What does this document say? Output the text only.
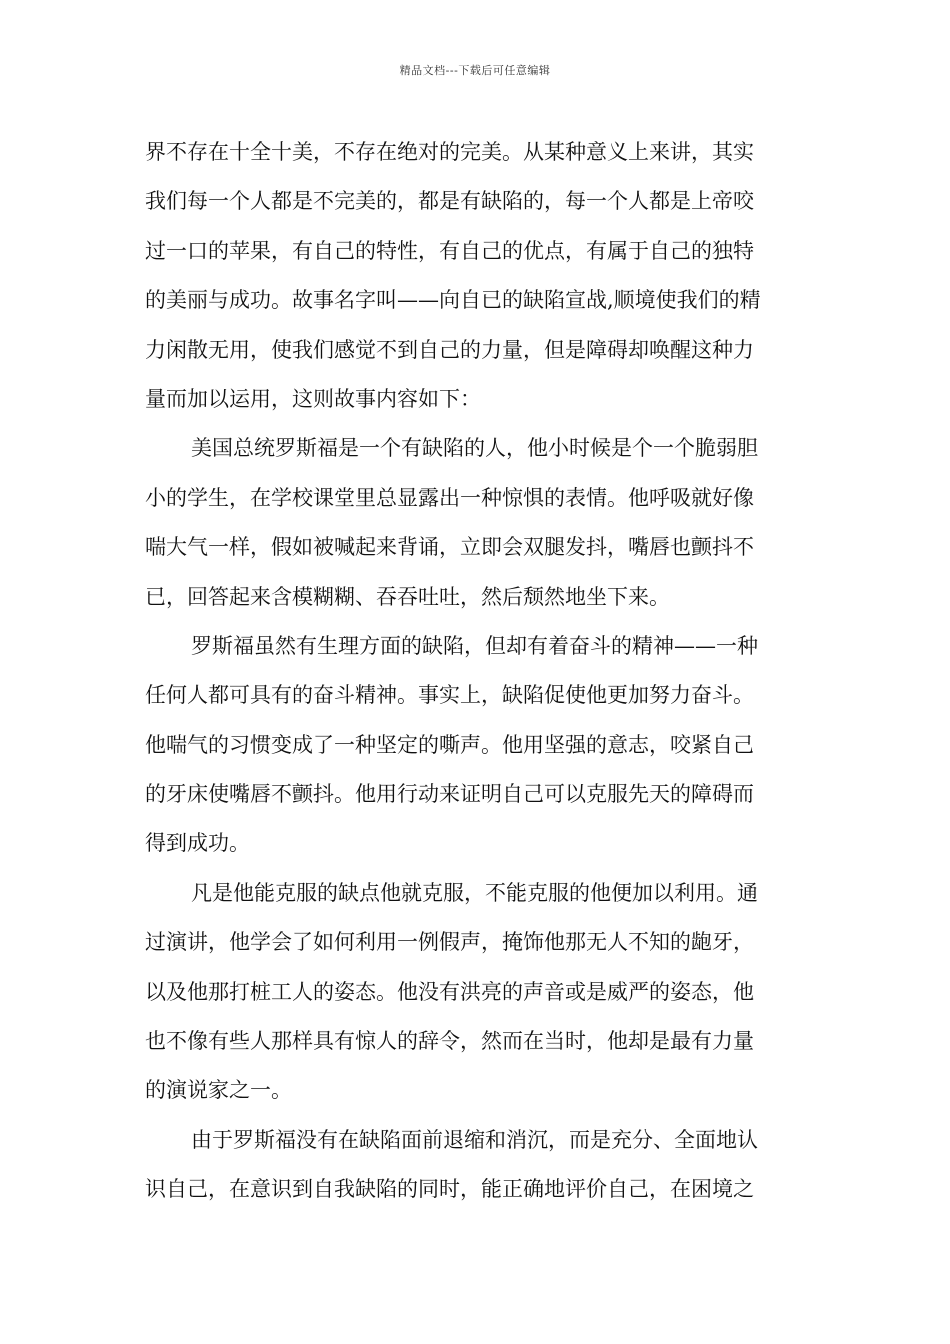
精品文档---下载后可任意编辑
界不存在十全十美，不存在绝对的完美。从某种意义上来讲，其实
我们每一个人都是不完美的，都是有缺陷的，每一个人都是上帝咬
过一口的苹果，有自己的特性，有自己的优点，有属于自己的独特
的美丽与成功。故事名字叫——向自已的缺陷宣战,顺境使我们的精
力闲散无用，使我们感觉不到自己的力量，但是障碍却唤醒这种力
量而加以运用，这则故事内容如下：
美国总统罗斯福是一个有缺陷的人，他小时候是个一个脆弱胆
小的学生，在学校课堂里总显露出一种惊惧的表情。他呼吸就好像
喘大气一样，假如被喊起来背诵，立即会双腿发抖，嘴唇也颤抖不
已，回答起来含模糊糊、吞吞吐吐，然后颓然地坐下来。
罗斯福虽然有生理方面的缺陷，但却有着奋斗的精神——一种
任何人都可具有的奋斗精神。事实上，缺陷促使他更加努力奋斗。
他喘气的习惯变成了一种坚定的嘶声。他用坚强的意志，咬紧自己
的牙床使嘴唇不颤抖。他用行动来证明自己可以克服先天的障碍而
得到成功。
凡是他能克服的缺点他就克服，不能克服的他便加以利用。通
过演讲，他学会了如何利用一例假声，掩饰他那无人不知的龅牙，
以及他那打桩工人的姿态。他没有洪亮的声音或是威严的姿态，他
也不像有些人那样具有惊人的辞令，然而在当时，他却是最有力量
的演说家之一。
由于罗斯福没有在缺陷面前退缩和消沉，而是充分、全面地认
识自己，在意识到自我缺陷的同时，能正确地评价自己，在困境之
